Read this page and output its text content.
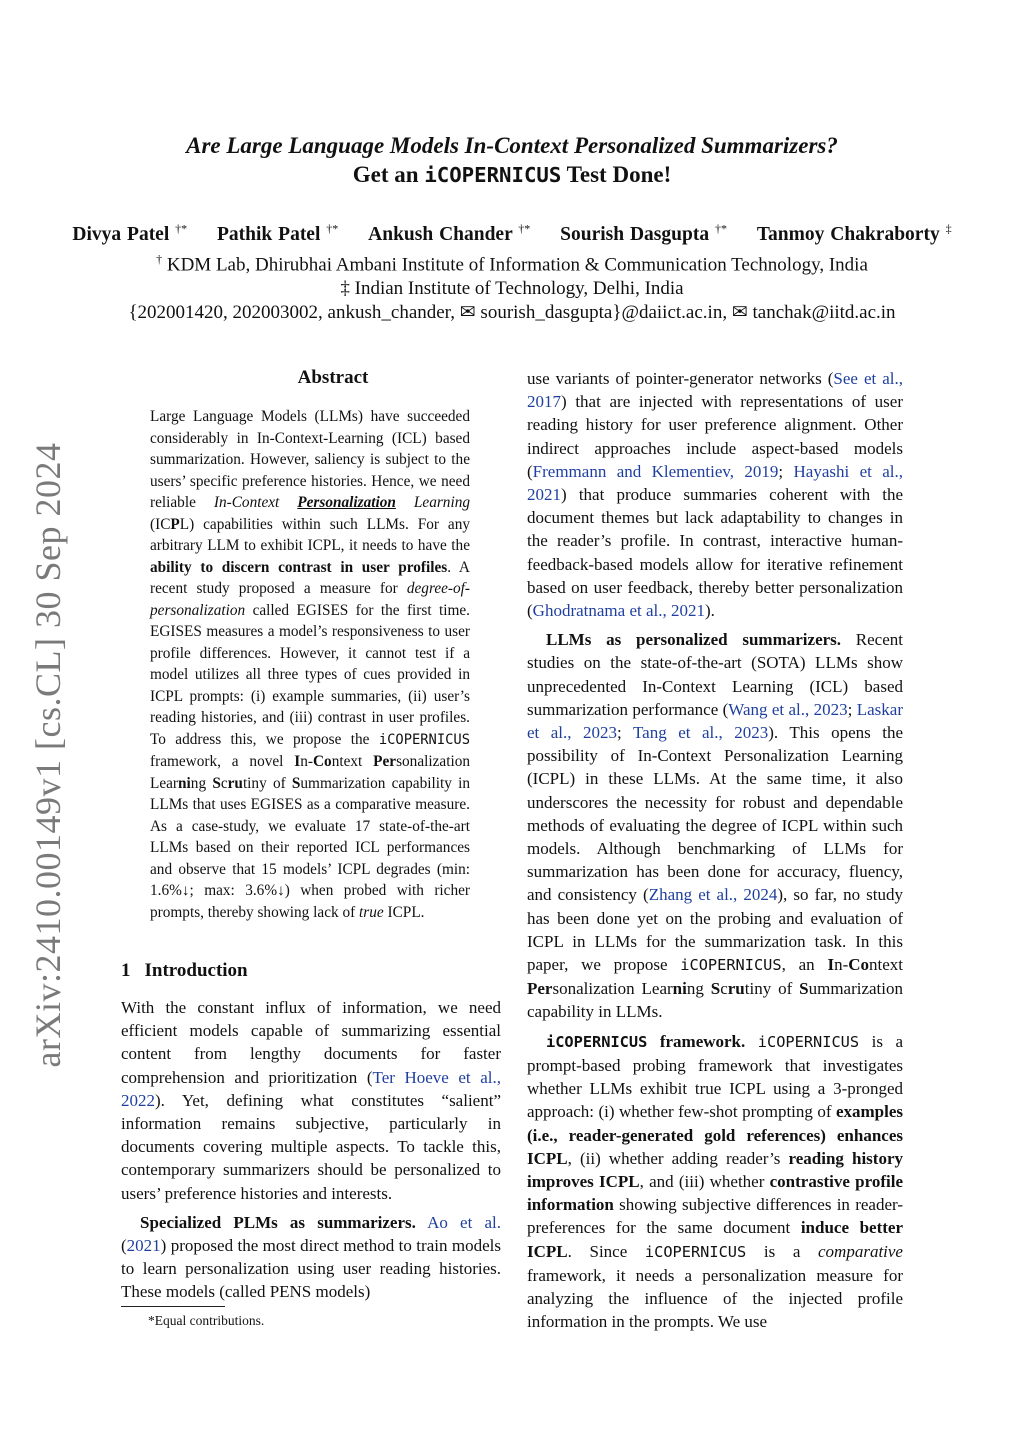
arXiv:2410.00149v1 [cs.CL] 30 Sep 2024
Are Large Language Models In-Context Personalized Summarizers?
Get an iCOPERNICUS Test Done!
Divya Patel †* Pathik Patel †* Ankush Chander †* Sourish Dasgupta †* Tanmoy Chakraborty ‡
† KDM Lab, Dhirubhai Ambani Institute of Information & Communication Technology, India
‡ Indian Institute of Technology, Delhi, India
{202001420, 202003002, ankush_chander, ✉ sourish_dasgupta}@daiict.ac.in, ✉ tanchak@iitd.ac.in
Abstract

Large Language Models (LLMs) have succeeded considerably in In-Context-Learning (ICL) based summarization. However, saliency is subject to the users’ specific preference histories. Hence, we need reliable In-Context Personalization Learning (ICPL) capabilities within such LLMs. For any arbitrary LLM to exhibit ICPL, it needs to have the ability to discern contrast in user profiles. A recent study proposed a measure for degree-of-personalization called EGISES for the first time. EGISES measures a model’s responsiveness to user profile differences. However, it cannot test if a model utilizes all three types of cues provided in ICPL prompts: (i) example summaries, (ii) user’s reading histories, and (iii) contrast in user profiles. To address this, we propose the iCOPERNICUS framework, a novel In-Context Personalization Learning Scrutiny of Summarization capability in LLMs that uses EGISES as a comparative measure. As a case-study, we evaluate 17 state-of-the-art LLMs based on their reported ICL performances and observe that 15 models’ ICPL degrades (min: 1.6%↓; max: 3.6%↓) when probed with richer prompts, thereby showing lack of true ICPL.

1 Introduction

With the constant influx of information, we need efficient models capable of summarizing essential content from lengthy documents for faster comprehension and prioritization (Ter Hoeve et al., 2022). Yet, defining what constitutes “salient” information remains subjective, particularly in documents covering multiple aspects. To tackle this, contemporary summarizers should be personalized to users’ preference histories and interests.

Specialized PLMs as summarizers. Ao et al. (2021) proposed the most direct method to train models to learn personalization using user reading histories. These models (called PENS models)

use variants of pointer-generator networks (See et al., 2017) that are injected with representations of user reading history for user preference alignment. Other indirect approaches include aspect-based models (Fremmann and Klementiev, 2019; Hayashi et al., 2021) that produce summaries coherent with the document themes but lack adaptability to changes in the reader’s profile. In contrast, interactive human-feedback-based models allow for iterative refinement based on user feedback, thereby better personalization (Ghodratnama et al., 2021).

LLMs as personalized summarizers. Recent studies on the state-of-the-art (SOTA) LLMs show unprecedented In-Context Learning (ICL) based summarization performance (Wang et al., 2023; Laskar et al., 2023; Tang et al., 2023). This opens the possibility of In-Context Personalization Learning (ICPL) in these LLMs. At the same time, it also underscores the necessity for robust and dependable methods of evaluating the degree of ICPL within such models. Although benchmarking of LLMs for summarization has been done for accuracy, fluency, and consistency (Zhang et al., 2024), so far, no study has been done yet on the probing and evaluation of ICPL in LLMs for the summarization task. In this paper, we propose iCOPERNICUS, an In-Context Personalization Learning Scrutiny of Summarization capability in LLMs.

iCOPERNICUS framework. iCOPERNICUS is a prompt-based probing framework that investigates whether LLMs exhibit true ICPL using a 3-pronged approach: (i) whether few-shot prompting of examples (i.e., reader-generated gold references) enhances ICPL, (ii) whether adding reader’s reading history improves ICPL, and (iii) whether contrastive profile information showing subjective differences in reader-preferences for the same document induce better ICPL. Since iCOPERNICUS is a comparative framework, it needs a personalization measure for analyzing the influence of the injected profile information in the prompts. We use

*Equal contributions.
